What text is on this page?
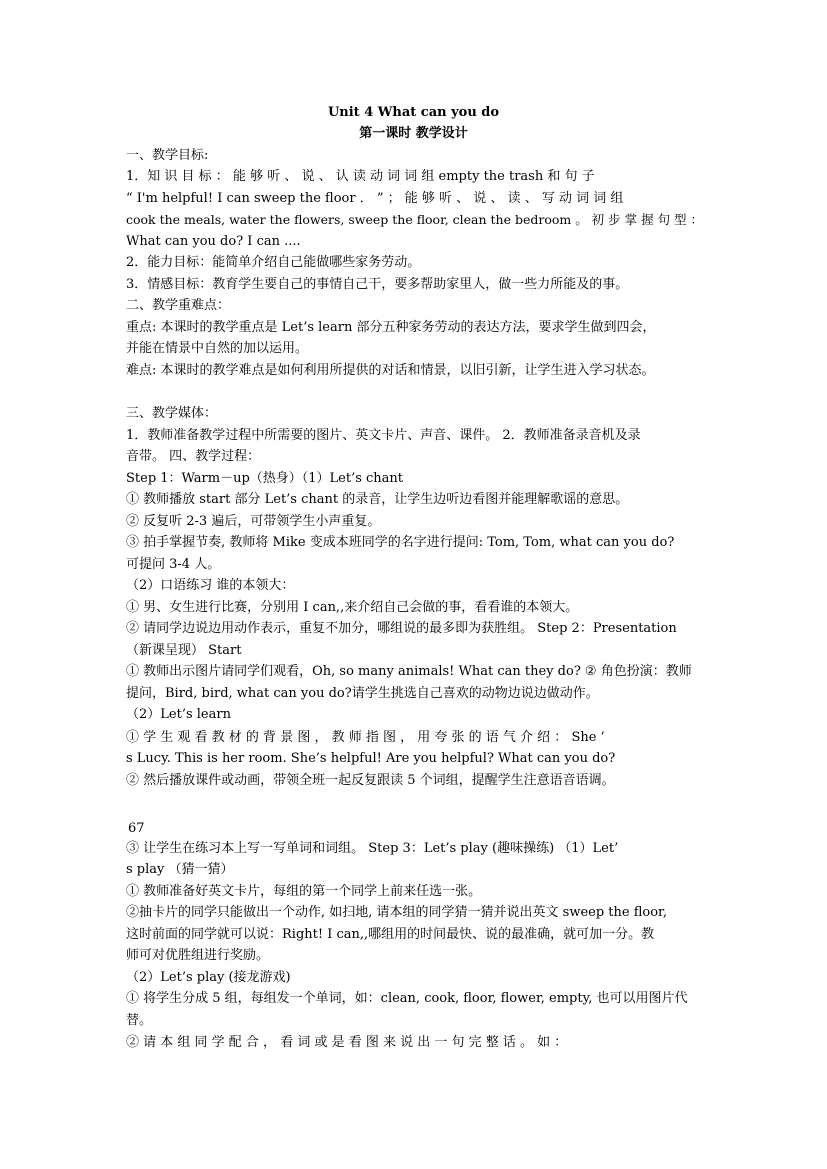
Unit 4 What can you do
第一课时 教学设计
一、教学目标:
1．知 识 目 标 ： 能 够 听 、 说 、 认 读 动 词 词 组 empty the trash 和 句 子
“ I'm helpful! I can sweep the floor ． ” ； 能 够 听 、 说 、 读 、 写 动 词 词 组
cook the meals, water the flowers, sweep the floor, clean the bedroom 。 初 步 掌 握 句 型 ：
What can you do? I can ....
2．能力目标：能简单介绍自己能做哪些家务劳动。
3．情感目标：教育学生要自己的事情自己干，要多帮助家里人，做一些力所能及的事。
二、教学重难点：
重点: 本课时的教学重点是 Let’s learn 部分五种家务劳动的表达方法，要求学生做到四会，
并能在情景中自然的加以运用。
难点: 本课时的教学难点是如何利用所提供的对话和情景，以旧引新，让学生进入学习状态。
三、教学媒体：
1．教师准备教学过程中所需要的图片、英文卡片、声音、课件。 2．教师准备录音机及录
音带。 四、教学过程：
Step 1：Warm－up（热身）（1）Let’s chant
① 教师播放 start 部分 Let’s chant 的录音，让学生边听边看图并能理解歌谣的意思。
② 反复听 2-3 遍后，可带领学生小声重复。
③ 拍手掌握节奏, 教师将 Mike 变成本班同学的名字进行提问: Tom, Tom, what can you do?
可提问 3-4 人。
（2）口语练习 谁的本领大：
① 男、女生进行比赛，分别用 I can,,来介绍自己会做的事，看看谁的本领大。
② 请同学边说边用动作表示，重复不加分，哪组说的最多即为获胜组。 Step 2：Presentation
（新课呈现） Start
① 教师出示图片请同学们观看，Oh, so many animals! What can they do? ② 角色扮演：教师
提问，Bird, bird, what can you do?请学生挑选自己喜欢的动物边说边做动作。
（2）Let’s learn
① 学 生 观 看 教 材 的 背 景 图 ， 教 师 指 图 ， 用 夸 张 的 语 气 介 绍 ： She ’
s Lucy. This is her room. She’s helpful! Are you helpful? What can you do?
② 然后播放课件或动画，带领全班一起反复跟读 5 个词组，提醒学生注意语音语调。
67
③ 让学生在练习本上写一写单词和词组。 Step 3：Let’s play (趣味操练) （1）Let’
s play （猜一猜）
① 教师准备好英文卡片，每组的第一个同学上前来任选一张。
②抽卡片的同学只能做出一个动作, 如扫地, 请本组的同学猜一猜并说出英文 sweep the floor,
这时前面的同学就可以说：Right! I can,,哪组用的时间最快、说的最准确，就可加一分。教
师可对优胜组进行奖励。
（2）Let’s play (接龙游戏)
① 将学生分成 5 组，每组发一个单词，如：clean, cook, floor, flower, empty, 也可以用图片代
替。
② 请 本 组 同 学 配 合 ， 看 词 或 是 看 图 来 说 出 一 句 完 整 话 。 如 ：
